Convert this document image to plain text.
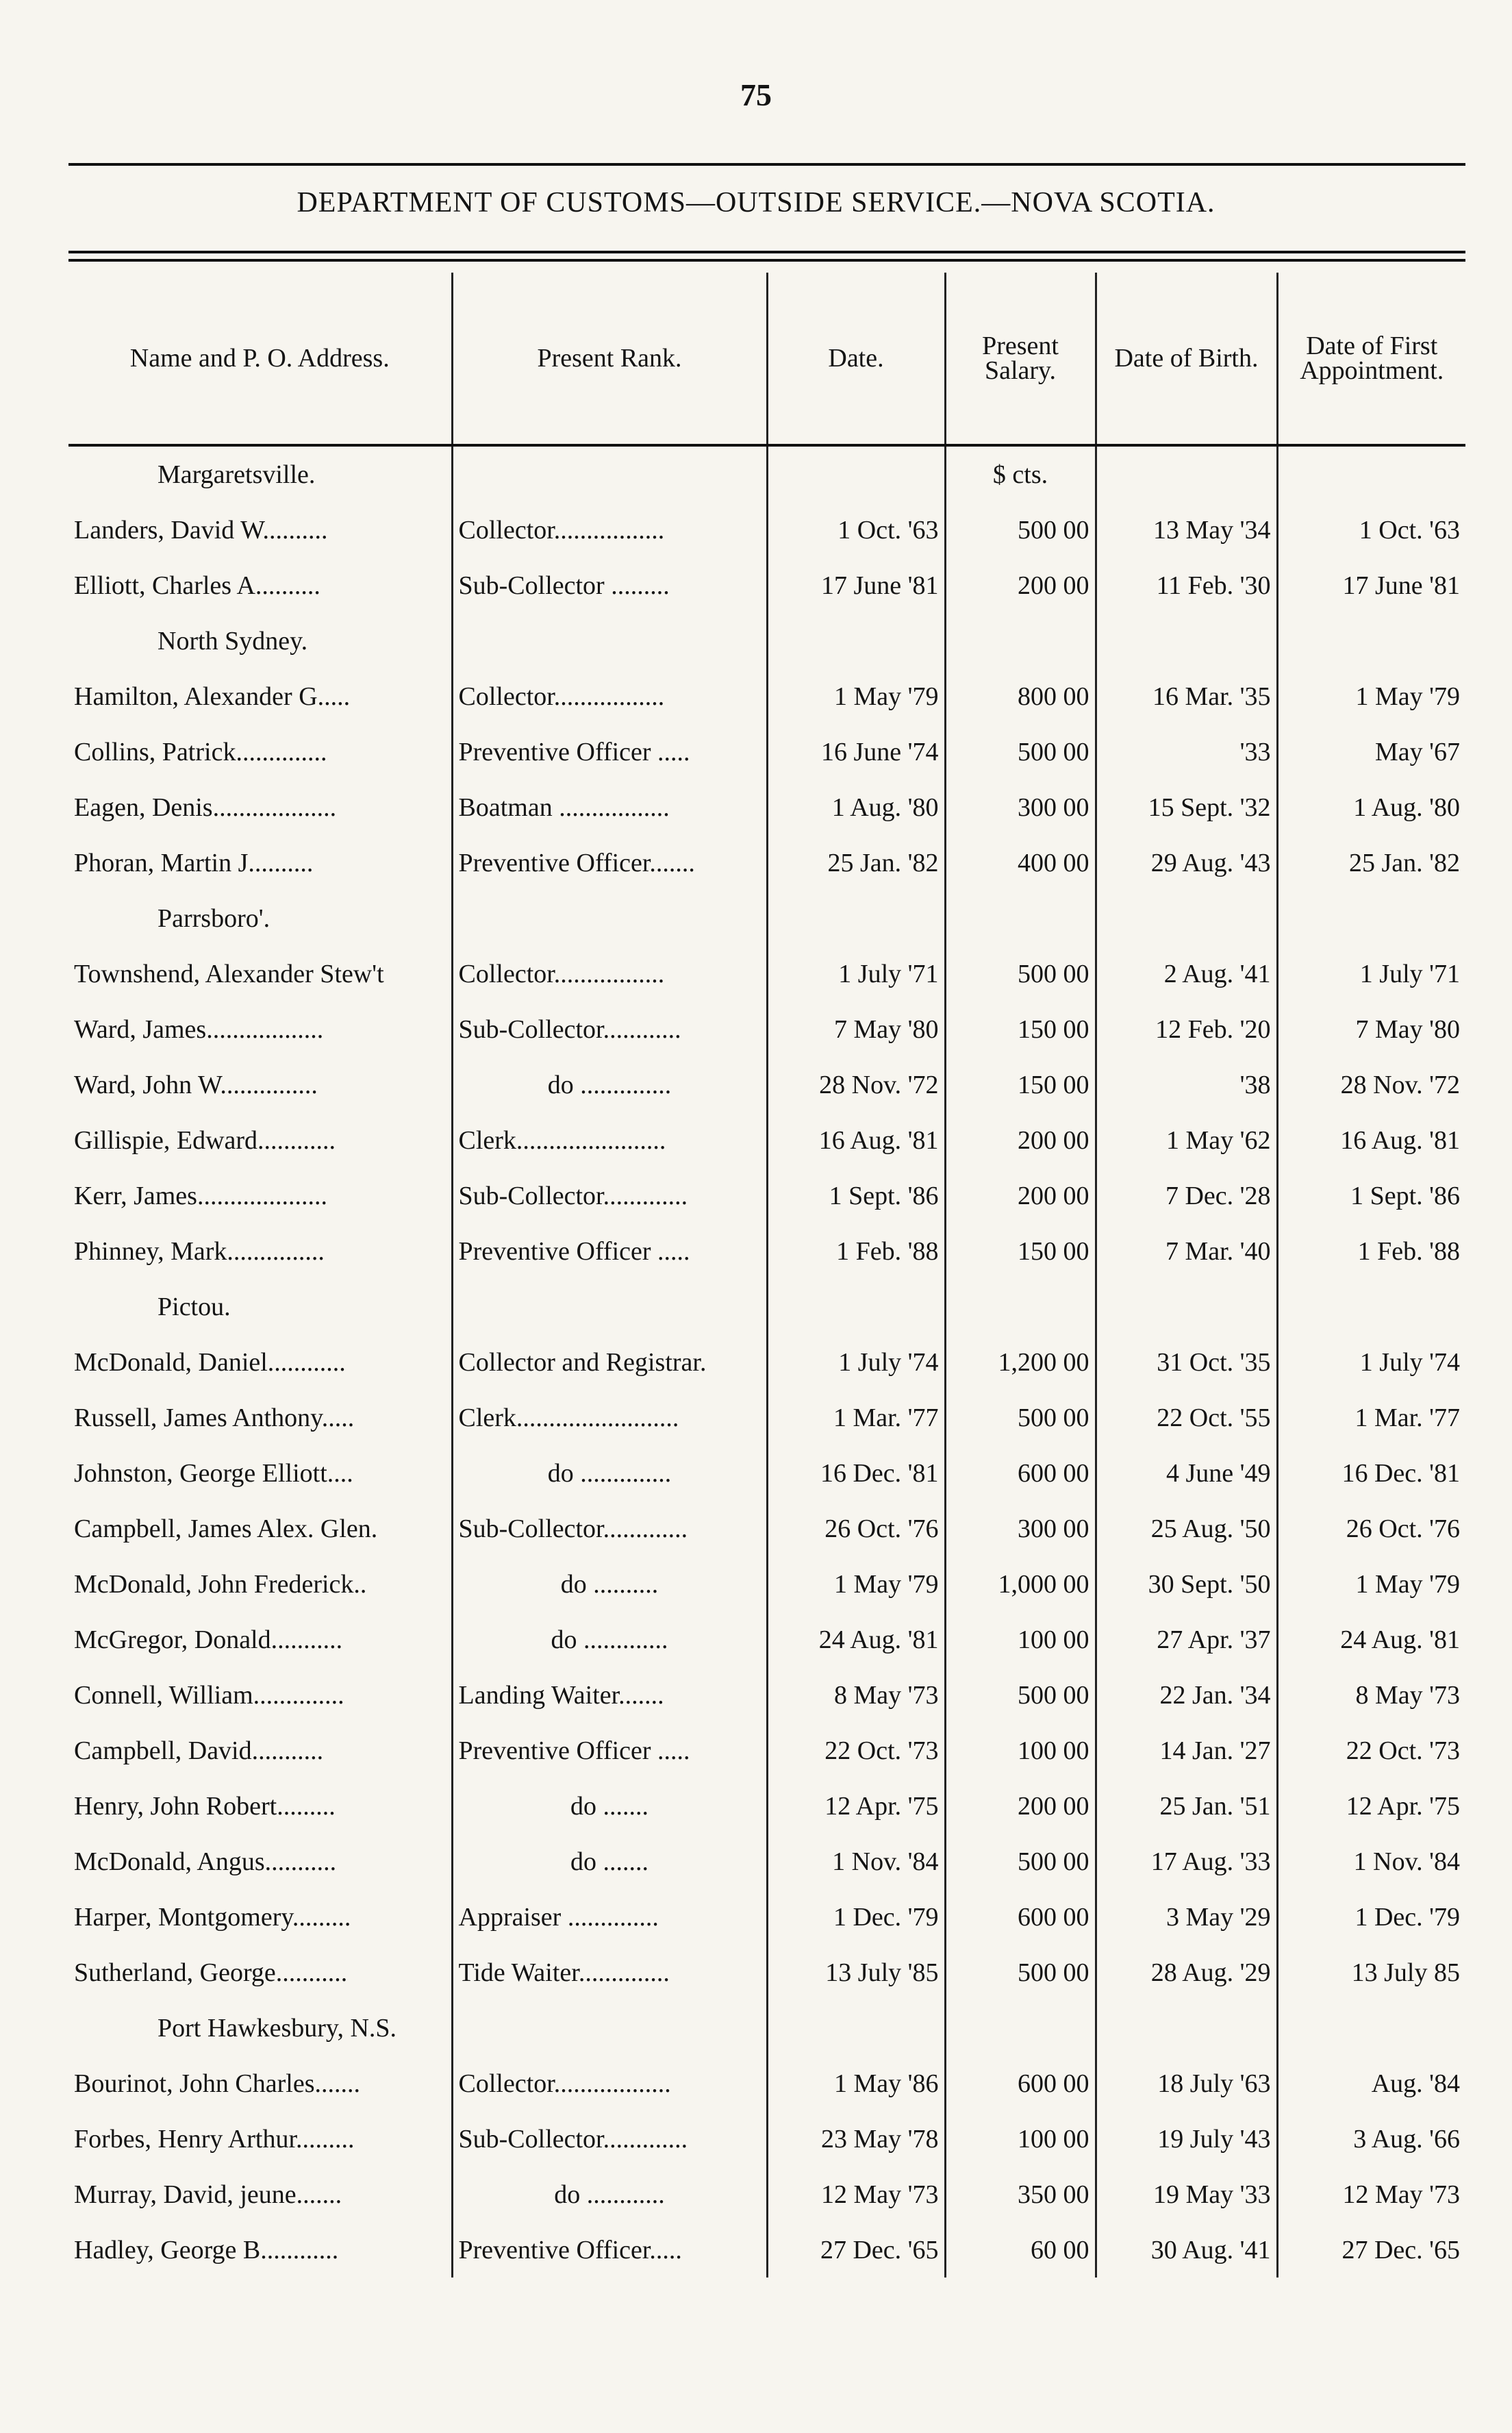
75
DEPARTMENT OF CUSTOMS—OUTSIDE SERVICE.—NOVA SCOTIA.
Name and P. O. Address.	Present Rank.	Date.	Present Salary.	Date of Birth.	Date of First Appointment.
Margaretsville.			$ cts.		
Landers, David W..........	Collector.................	1 Oct. '63	500 00	13 May '34	1 Oct. '63
Elliott, Charles A..........	Sub-Collector .........	17 June '81	200 00	11 Feb. '30	17 June '81
North Sydney.					
Hamilton, Alexander G.....	Collector.................	1 May '79	800 00	16 Mar. '35	1 May '79
Collins, Patrick..............	Preventive Officer .....	16 June '74	500 00	'33	May '67
Eagen, Denis...................	Boatman .................	1 Aug. '80	300 00	15 Sept. '32	1 Aug. '80
Phoran, Martin J..........	Preventive Officer.......	25 Jan. '82	400 00	29 Aug. '43	25 Jan. '82
Parrsboro'.					
Townshend, Alexander Stew't	Collector.................	1 July '71	500 00	2 Aug. '41	1 July '71
Ward, James..................	Sub-Collector............	7 May '80	150 00	12 Feb. '20	7 May '80
Ward, John W...............	do ..............	28 Nov. '72	150 00	'38	28 Nov. '72
Gillispie, Edward............	Clerk.......................	16 Aug. '81	200 00	1 May '62	16 Aug. '81
Kerr, James....................	Sub-Collector.............	1 Sept. '86	200 00	7 Dec. '28	1 Sept. '86
Phinney, Mark...............	Preventive Officer .....	1 Feb. '88	150 00	7 Mar. '40	1 Feb. '88
Pictou.					
McDonald, Daniel............	Collector and Registrar.	1 July '74	1,200 00	31 Oct. '35	1 July '74
Russell, James Anthony.....	Clerk.........................	1 Mar. '77	500 00	22 Oct. '55	1 Mar. '77
Johnston, George Elliott....	do ..............	16 Dec. '81	600 00	4 June '49	16 Dec. '81
Campbell, James Alex. Glen.	Sub-Collector.............	26 Oct. '76	300 00	25 Aug. '50	26 Oct. '76
McDonald, John Frederick..	do ..........	1 May '79	1,000 00	30 Sept. '50	1 May '79
McGregor, Donald...........	do .............	24 Aug. '81	100 00	27 Apr. '37	24 Aug. '81
Connell, William..............	Landing Waiter.......	8 May '73	500 00	22 Jan. '34	8 May '73
Campbell, David...........	Preventive Officer .....	22 Oct. '73	100 00	14 Jan. '27	22 Oct. '73
Henry, John Robert.........	do .......	12 Apr. '75	200 00	25 Jan. '51	12 Apr. '75
McDonald, Angus...........	do .......	1 Nov. '84	500 00	17 Aug. '33	1 Nov. '84
Harper, Montgomery.........	Appraiser ..............	1 Dec. '79	600 00	3 May '29	1 Dec. '79
Sutherland, George...........	Tide Waiter..............	13 July '85	500 00	28 Aug. '29	13 July 85
Port Hawkesbury, N.S.					
Bourinot, John Charles.......	Collector..................	1 May '86	600 00	18 July '63	Aug. '84
Forbes, Henry Arthur.........	Sub-Collector.............	23 May '78	100 00	19 July '43	3 Aug. '66
Murray, David, jeune.......	do ............	12 May '73	350 00	19 May '33	12 May '73
Hadley, George B............	Preventive Officer.....	27 Dec. '65	60 00	30 Aug. '41	27 Dec. '65
